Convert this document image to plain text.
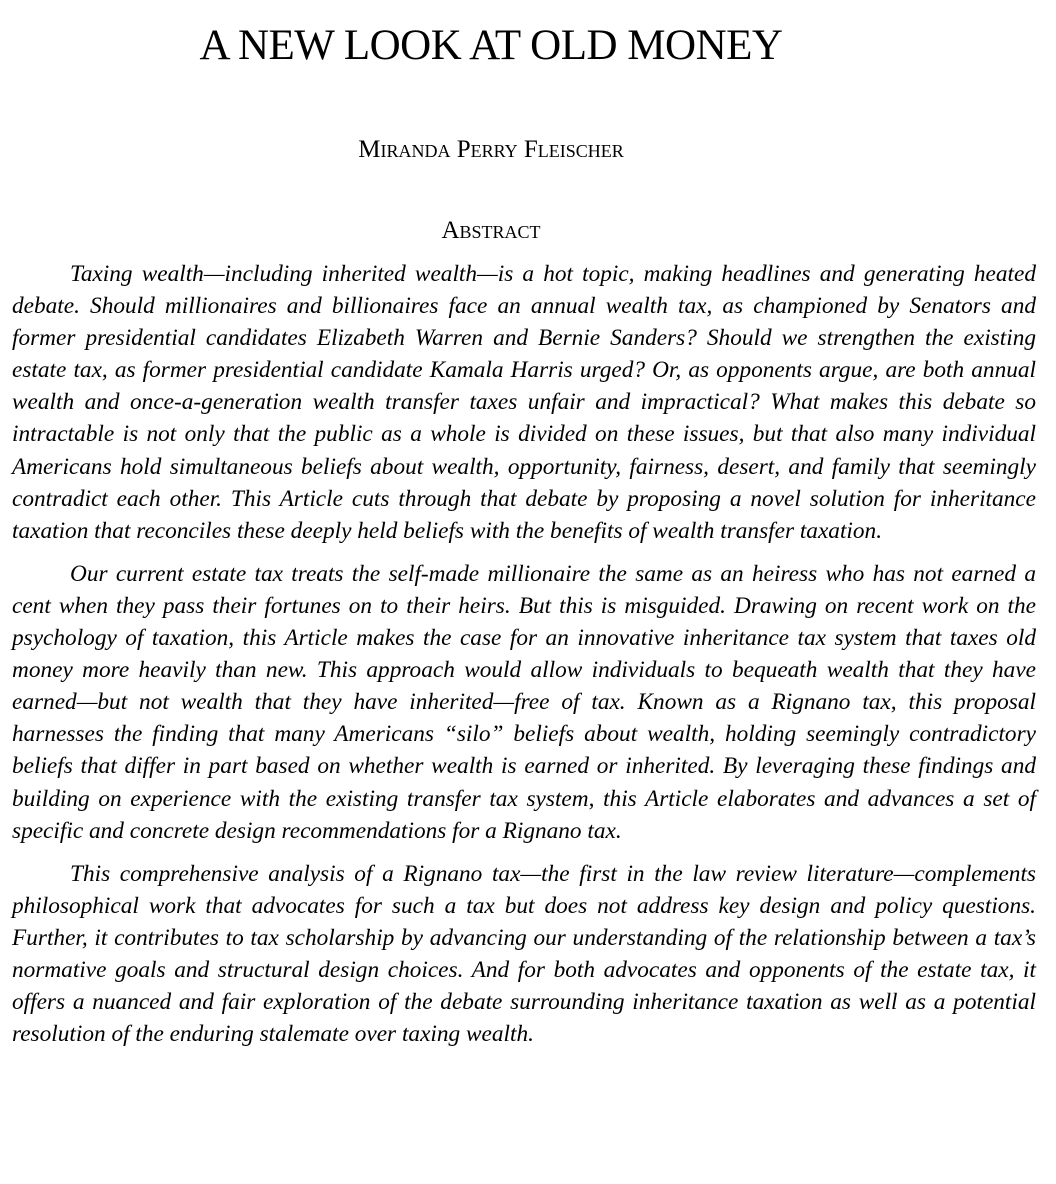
A NEW LOOK AT OLD MONEY
Miranda Perry Fleischer
Abstract

Taxing wealth—including inherited wealth—is a hot topic, making headlines and generating heated debate. Should millionaires and billionaires face an annual wealth tax, as championed by Senators and former presidential candidates Elizabeth Warren and Bernie Sanders? Should we strengthen the existing estate tax, as former presidential candidate Kamala Harris urged? Or, as opponents argue, are both annual wealth and once-a-generation wealth transfer taxes unfair and impractical? What makes this debate so intractable is not only that the public as a whole is divided on these issues, but that also many individual Americans hold simultaneous beliefs about wealth, opportunity, fairness, desert, and family that seemingly contradict each other. This Article cuts through that debate by proposing a novel solution for inheritance taxation that reconciles these deeply held beliefs with the benefits of wealth transfer taxation.

Our current estate tax treats the self-made millionaire the same as an heiress who has not earned a cent when they pass their fortunes on to their heirs. But this is misguided. Drawing on recent work on the psychology of taxation, this Article makes the case for an innovative inheritance tax system that taxes old money more heavily than new. This approach would allow individuals to bequeath wealth that they have earned—but not wealth that they have inherited—free of tax. Known as a Rignano tax, this proposal harnesses the finding that many Americans “silo” beliefs about wealth, holding seemingly contradictory beliefs that differ in part based on whether wealth is earned or inherited. By leveraging these findings and building on experience with the existing transfer tax system, this Article elaborates and advances a set of specific and concrete design recommendations for a Rignano tax.

This comprehensive analysis of a Rignano tax—the first in the law review literature—complements philosophical work that advocates for such a tax but does not address key design and policy questions. Further, it contributes to tax scholarship by advancing our understanding of the relationship between a tax’s normative goals and structural design choices. And for both advocates and opponents of the estate tax, it offers a nuanced and fair exploration of the debate surrounding inheritance taxation as well as a potential resolution of the enduring stalemate over taxing wealth.
